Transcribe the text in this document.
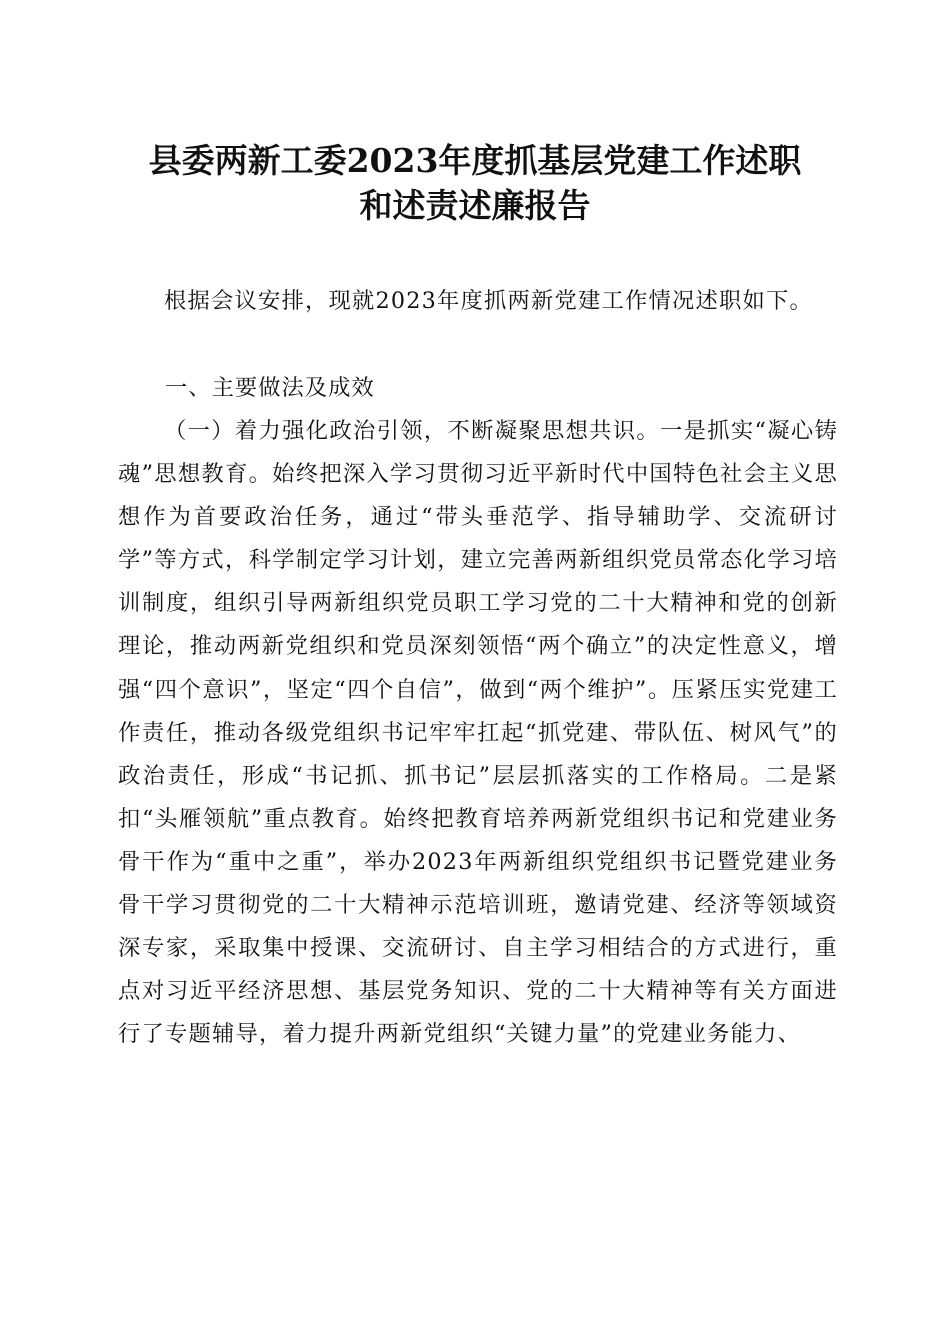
县委两新工委2023年度抓基层党建工作述职
和述责述廉报告
根据会议安排，现就2023年度抓两新党建工作情况述职如下。
一、主要做法及成效
（一）着力强化政治引领，不断凝聚思想共识。一是抓实“凝心铸魂”思想教育。始终把深入学习贯彻习近平新时代中国特色社会主义思想作为首要政治任务，通过“带头垂范学、指导辅助学、交流研讨学”等方式，科学制定学习计划，建立完善两新组织党员常态化学习培训制度，组织引导两新组织党员职工学习党的二十大精神和党的创新理论，推动两新党组织和党员深刻领悟“两个确立”的决定性意义，增强“四个意识”，坚定“四个自信”，做到“两个维护”。压紧压实党建工作责任，推动各级党组织书记牢牢扛起“抓党建、带队伍、树风气”的政治责任，形成“书记抓、抓书记”层层抓落实的工作格局。二是紧扣“头雁领航”重点教育。始终把教育培养两新党组织书记和党建业务骨干作为“重中之重”，举办2023年两新组织党组织书记暨党建业务骨干学习贯彻党的二十大精神示范培训班，邀请党建、经济等领域资深专家，采取集中授课、交流研讨、自主学习相结合的方式进行，重点对习近平经济思想、基层党务知识、党的二十大精神等有关方面进行了专题辅导，着力提升两新党组织“关键力量”的党建业务能力、
